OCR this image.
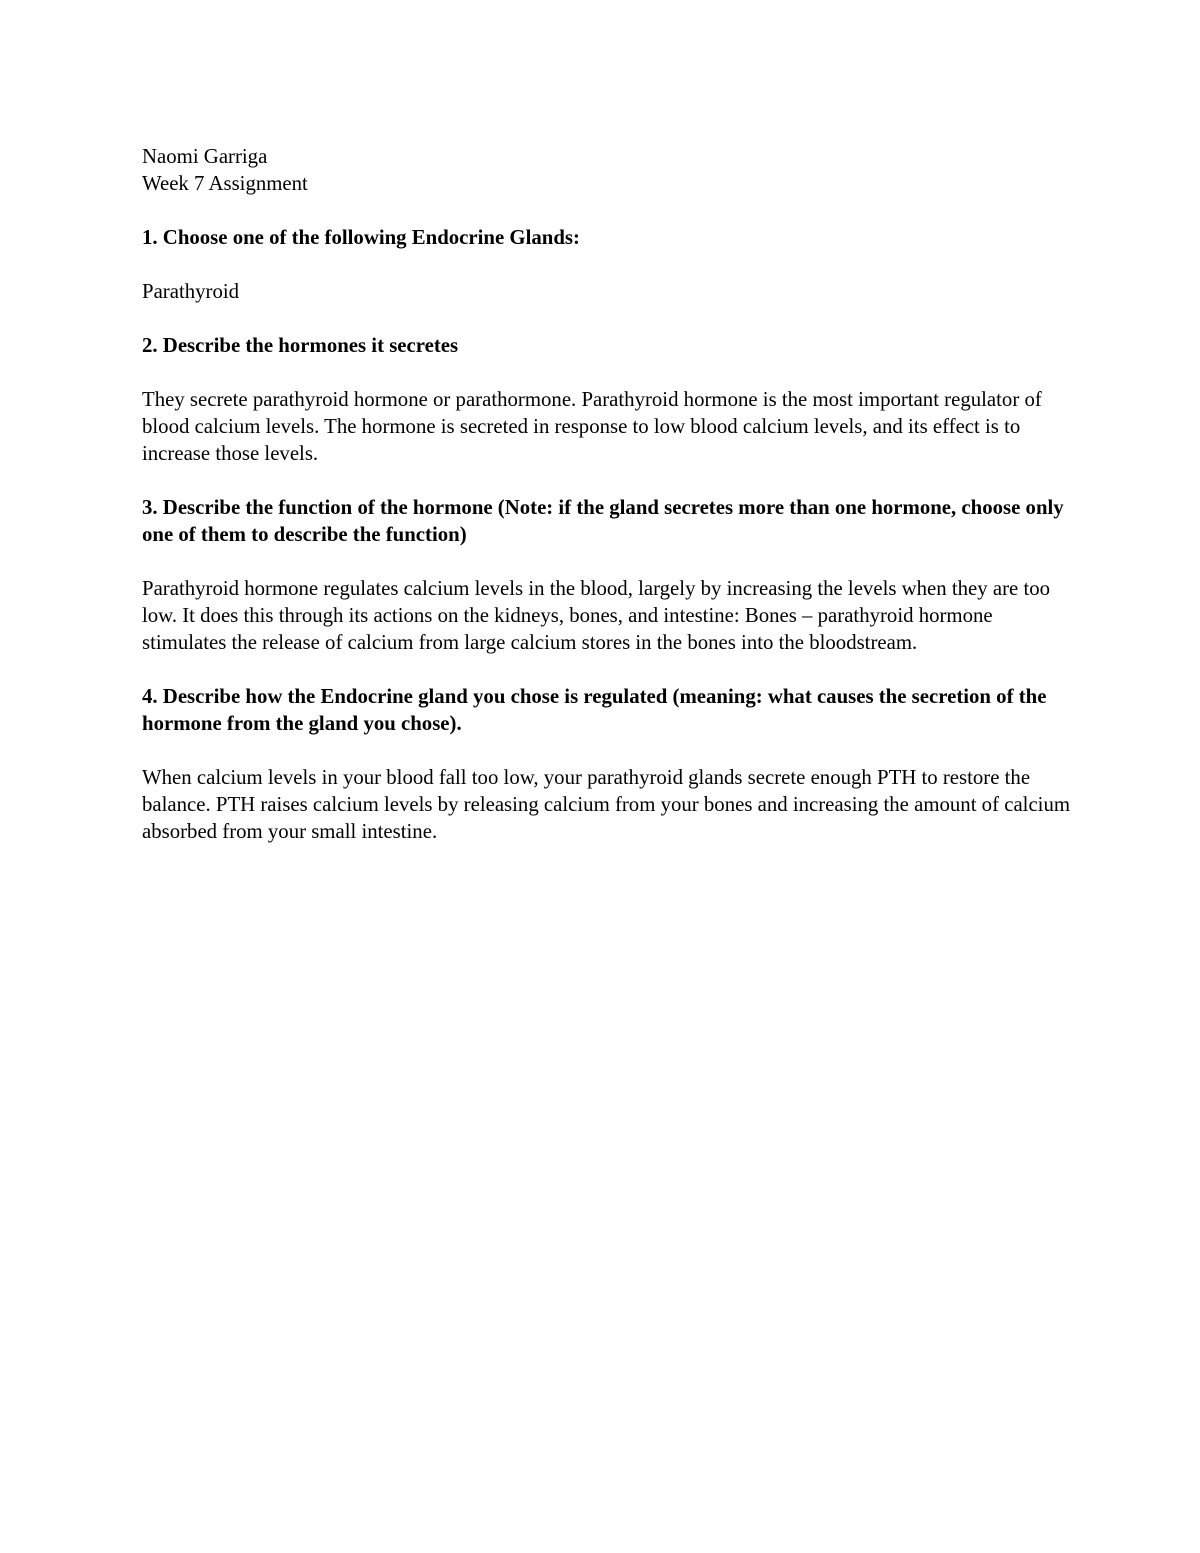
Naomi Garriga

Week 7 Assignment

1. Choose one of the following Endocrine Glands:

Parathyroid

2. Describe the hormones it secretes

They secrete parathyroid hormone or parathormone. Parathyroid hormone is the most important regulator of blood calcium levels. The hormone is secreted in response to low blood calcium levels, and its effect is to increase those levels.

3. Describe the function of the hormone (Note: if the gland secretes more than one hormone, choose only one of them to describe the function)

Parathyroid hormone regulates calcium levels in the blood, largely by increasing the levels when they are too low. It does this through its actions on the kidneys, bones, and intestine: Bones – parathyroid hormone stimulates the release of calcium from large calcium stores in the bones into the bloodstream.

4. Describe how the Endocrine gland you chose is regulated (meaning: what causes the secretion of the hormone from the gland you chose).

When calcium levels in your blood fall too low, your parathyroid glands secrete enough PTH to restore the balance. PTH raises calcium levels by releasing calcium from your bones and increasing the amount of calcium absorbed from your small intestine.
